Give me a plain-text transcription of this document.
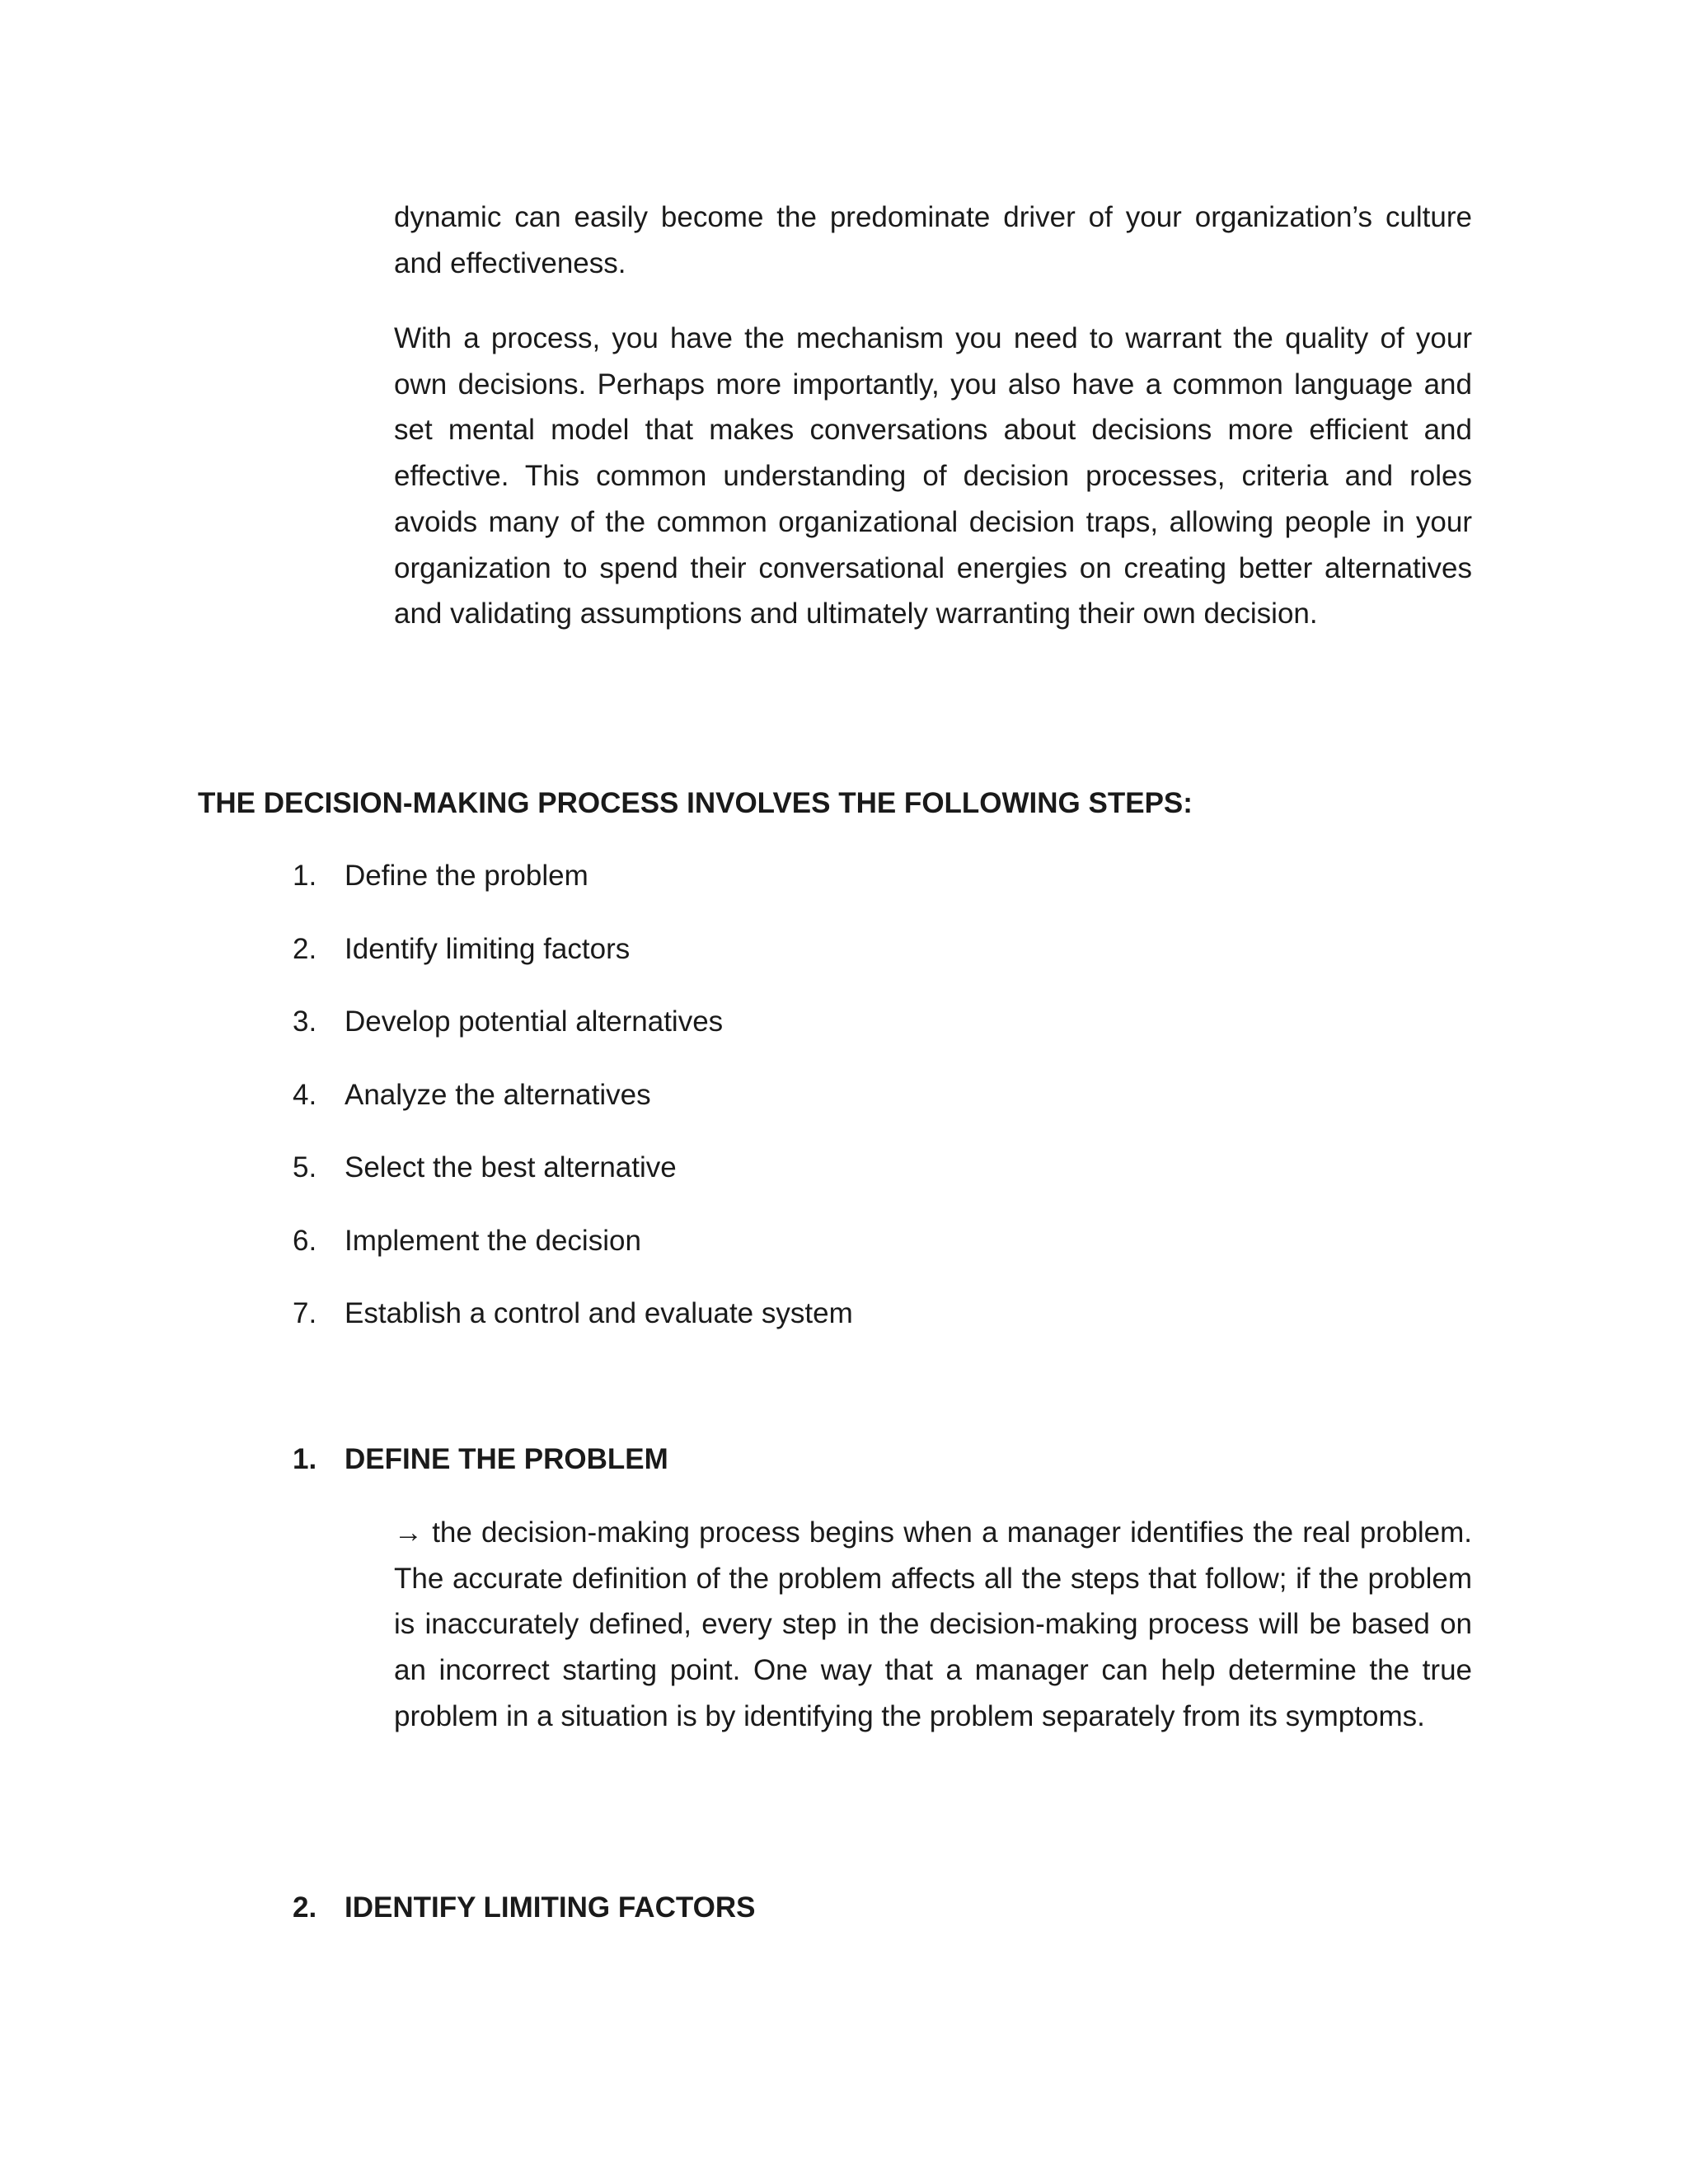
dynamic can easily become the predominate driver of your organization’s culture and effectiveness.

With a process, you have the mechanism you need to warrant the quality of your own decisions. Perhaps more importantly, you also have a common language and set mental model that makes conversations about decisions more efficient and effective. This common understanding of decision processes, criteria and roles avoids many of the common organizational decision traps, allowing people in your organization to spend their conversational energies on creating better alternatives and validating assumptions and ultimately warranting their own decision.

THE DECISION-MAKING PROCESS INVOLVES THE FOLLOWING STEPS:
1. Define the problem
2. Identify limiting factors
3. Develop potential alternatives
4. Analyze the alternatives
5. Select the best alternative
6. Implement the decision
7. Establish a control and evaluate system
1. DEFINE THE PROBLEM

→ the decision-making process begins when a manager identifies the real problem. The accurate definition of the problem affects all the steps that follow; if the problem is inaccurately defined, every step in the decision-making process will be based on an incorrect starting point. One way that a manager can help determine the true problem in a situation is by identifying the problem separately from its symptoms.

2. IDENTIFY LIMITING FACTORS
